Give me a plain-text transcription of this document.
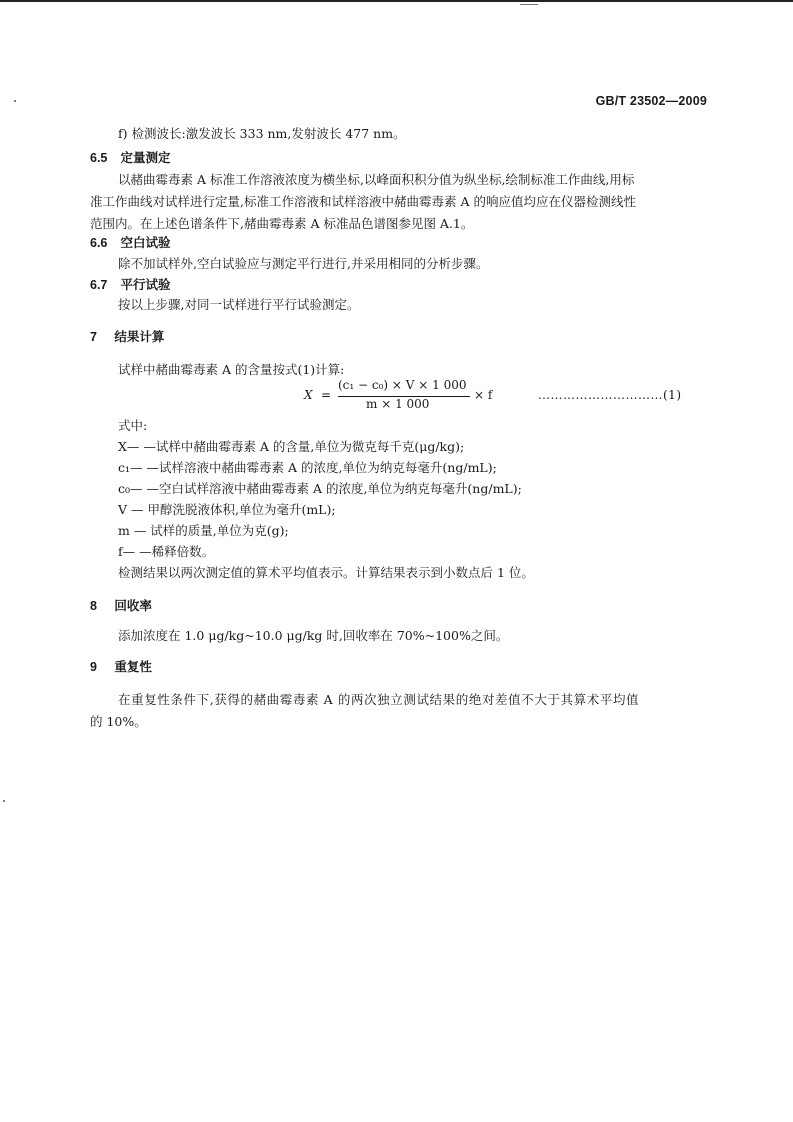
GB/T 23502—2009
f) 检测波长:激发波长 333 nm,发射波长 477 nm。
6.5 定量测定
以赭曲霉毒素 A 标准工作溶液浓度为横坐标,以峰面积积分值为纵坐标,绘制标准工作曲线,用标
准工作曲线对试样进行定量,标准工作溶液和试样溶液中赭曲霉毒素 A 的响应值均应在仪器检测线性
范围内。在上述色谱条件下,赭曲霉毒素 A 标准品色谱图参见图 A.1。
6.6 空白试验
除不加试样外,空白试验应与测定平行进行,并采用相同的分析步骤。
6.7 平行试验
按以上步骤,对同一试样进行平行试验测定。
7 结果计算
试样中赭曲霉毒素 A 的含量按式(1)计算:
X =
(c₁ − c₀) × V × 1 000
m × 1 000
× f	…………………………(1)
式中:
X— —试样中赭曲霉毒素 A 的含量,单位为微克每千克(μg/kg);
c₁— —试样溶液中赭曲霉毒素 A 的浓度,单位为纳克每毫升(ng/mL);
c₀— —空白试样溶液中赭曲霉毒素 A 的浓度,单位为纳克每毫升(ng/mL);
V — 甲醇洗脱液体积,单位为毫升(mL);
m — 试样的质量,单位为克(g);
f— —稀释倍数。
检测结果以两次测定值的算术平均值表示。计算结果表示到小数点后 1 位。
8 回收率
添加浓度在 1.0 μg/kg~10.0 μg/kg 时,回收率在 70%~100%之间。
9 重复性
在重复性条件下,获得的赭曲霉毒素 A 的两次独立测试结果的绝对差值不大于其算术平均值
的 10%。
